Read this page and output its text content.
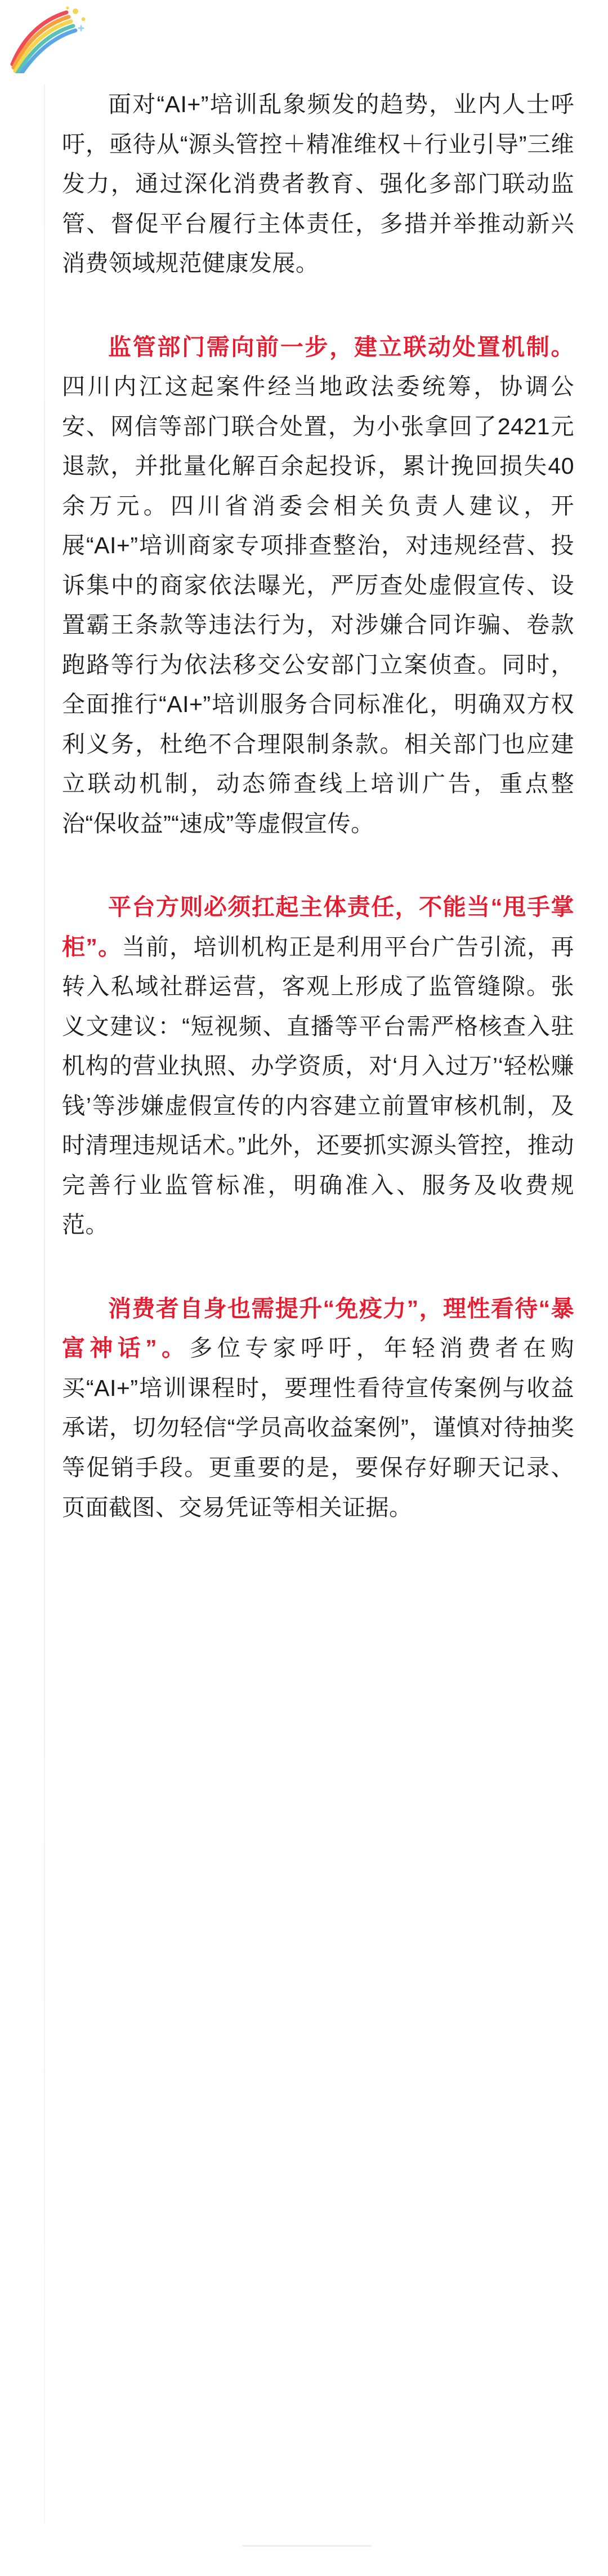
面对“AI+”培训乱象频发的趋势，业内人士呼吁，亟待从“源头管控＋精准维权＋行业引导”三维发力，通过深化消费者教育、强化多部门联动监管、督促平台履行主体责任，多措并举推动新兴消费领域规范健康发展。

监管部门需向前一步，建立联动处置机制。四川内江这起案件经当地政法委统筹，协调公安、网信等部门联合处置，为小张拿回了2421元退款，并批量化解百余起投诉，累计挽回损失40余万元。四川省消委会相关负责人建议，开展“AI+”培训商家专项排查整治，对违规经营、投诉集中的商家依法曝光，严厉查处虚假宣传、设置霸王条款等违法行为，对涉嫌合同诈骗、卷款跑路等行为依法移交公安部门立案侦查。同时，全面推行“AI+”培训服务合同标准化，明确双方权利义务，杜绝不合理限制条款。相关部门也应建立联动机制，动态筛查线上培训广告，重点整治“保收益”“速成”等虚假宣传。

平台方则必须扛起主体责任，不能当“甩手掌柜”。当前，培训机构正是利用平台广告引流，再转入私域社群运营，客观上形成了监管缝隙。张义文建议：“短视频、直播等平台需严格核查入驻机构的营业执照、办学资质，对‘月入过万’‘轻松赚钱’等涉嫌虚假宣传的内容建立前置审核机制，及时清理违规话术。”此外，还要抓实源头管控，推动完善行业监管标准，明确准入、服务及收费规范。

消费者自身也需提升“免疫力”，理性看待“暴富神话”。多位专家呼吁，年轻消费者在购买“AI+”培训课程时，要理性看待宣传案例与收益承诺，切勿轻信“学员高收益案例”，谨慎对待抽奖等促销手段。更重要的是，要保存好聊天记录、页面截图、交易凭证等相关证据。
